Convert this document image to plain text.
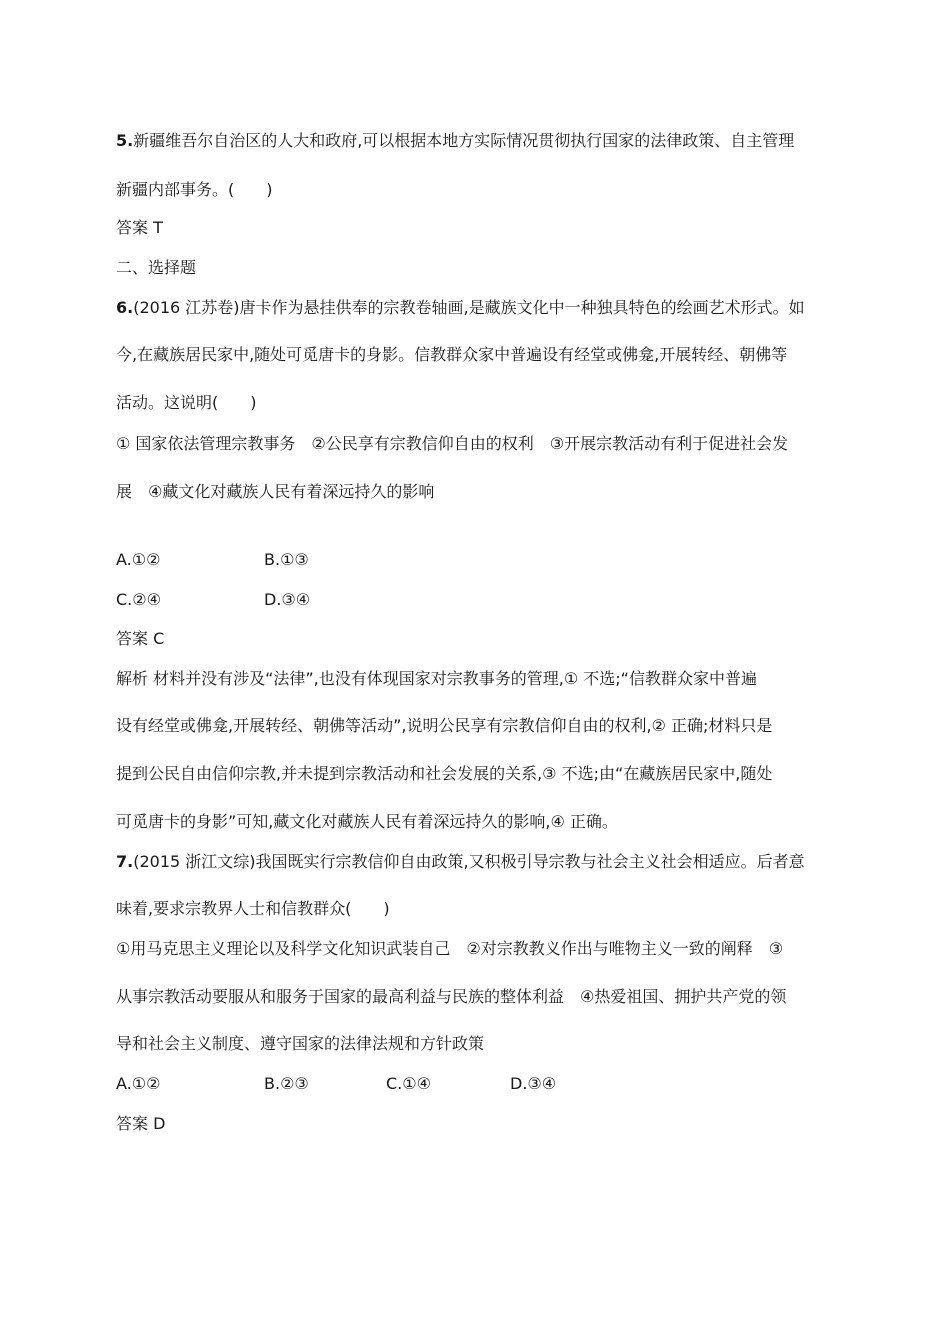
5.新疆维吾尔自治区的人大和政府,可以根据本地方实际情况贯彻执行国家的法律政策、自主管理
新疆内部事务。(　　)
答案 T
二、选择题
6.(2016 江苏卷)唐卡作为悬挂供奉的宗教卷轴画,是藏族文化中一种独具特色的绘画艺术形式。如
今,在藏族居民家中,随处可觅唐卡的身影。信教群众家中普遍设有经堂或佛龛,开展转经、朝佛等
活动。这说明(　　)
① 国家依法管理宗教事务　②公民享有宗教信仰自由的权利　③开展宗教活动有利于促进社会发
展　④藏文化对藏族人民有着深远持久的影响
A.①②	B.①③
C.②④	D.③④
答案 C
解析 材料并没有涉及“法律”,也没有体现国家对宗教事务的管理,① 不选;“信教群众家中普遍
设有经堂或佛龛,开展转经、朝佛等活动”,说明公民享有宗教信仰自由的权利,② 正确;材料只是
提到公民自由信仰宗教,并未提到宗教活动和社会发展的关系,③ 不选;由“在藏族居民家中,随处
可觅唐卡的身影”可知,藏文化对藏族人民有着深远持久的影响,④ 正确。
7.(2015 浙江文综)我国既实行宗教信仰自由政策,又积极引导宗教与社会主义社会相适应。后者意
味着,要求宗教界人士和信教群众(　　)
①用马克思主义理论以及科学文化知识武装自己　②对宗教教义作出与唯物主义一致的阐释　③
从事宗教活动要服从和服务于国家的最高利益与民族的整体利益　④热爱祖国、拥护共产党的领
导和社会主义制度、遵守国家的法律法规和方针政策
A.①②	B.②③	C.①④	D.③④
答案 D
